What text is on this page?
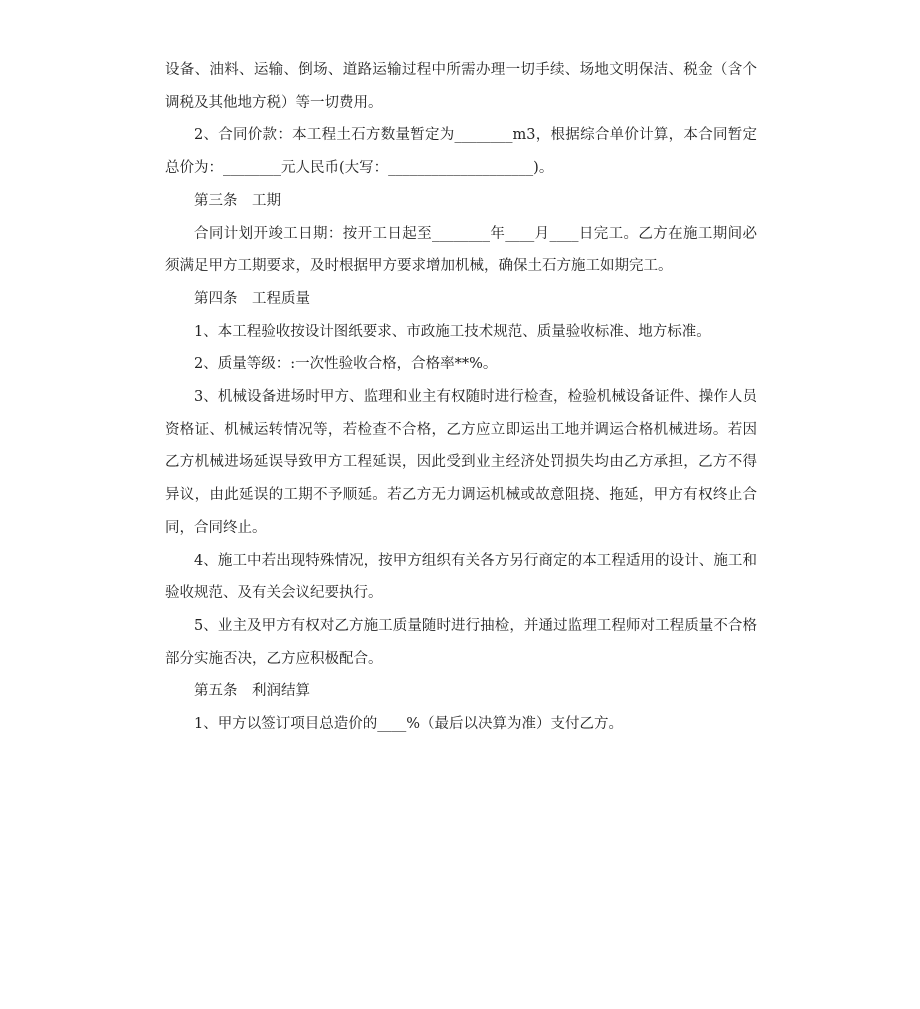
设备、油料、运输、倒场、道路运输过程中所需办理一切手续、场地文明保洁、税金（含个调税及其他地方税）等一切费用。

2、合同价款：本工程土石方数量暂定为________m3，根据综合单价计算，本合同暂定总价为：________元人民币(大写：____________________)。

第三条　工期

合同计划开竣工日期：按开工日起至________年____月____日完工。乙方在施工期间必须满足甲方工期要求，及时根据甲方要求增加机械，确保土石方施工如期完工。

第四条　工程质量

1、本工程验收按设计图纸要求、市政施工技术规范、质量验收标准、地方标准。

2、质量等级：:一次性验收合格，合格率**%。

3、机械设备进场时甲方、监理和业主有权随时进行检查，检验机械设备证件、操作人员资格证、机械运转情况等，若检查不合格，乙方应立即运出工地并调运合格机械进场。若因乙方机械进场延误导致甲方工程延误，因此受到业主经济处罚损失均由乙方承担，乙方不得异议，由此延误的工期不予顺延。若乙方无力调运机械或故意阻挠、拖延，甲方有权终止合同，合同终止。

4、施工中若出现特殊情况，按甲方组织有关各方另行商定的本工程适用的设计、施工和验收规范、及有关会议纪要执行。

5、业主及甲方有权对乙方施工质量随时进行抽检，并通过监理工程师对工程质量不合格部分实施否决，乙方应积极配合。

第五条　利润结算

1、甲方以签订项目总造价的____%（最后以决算为准）支付乙方。
